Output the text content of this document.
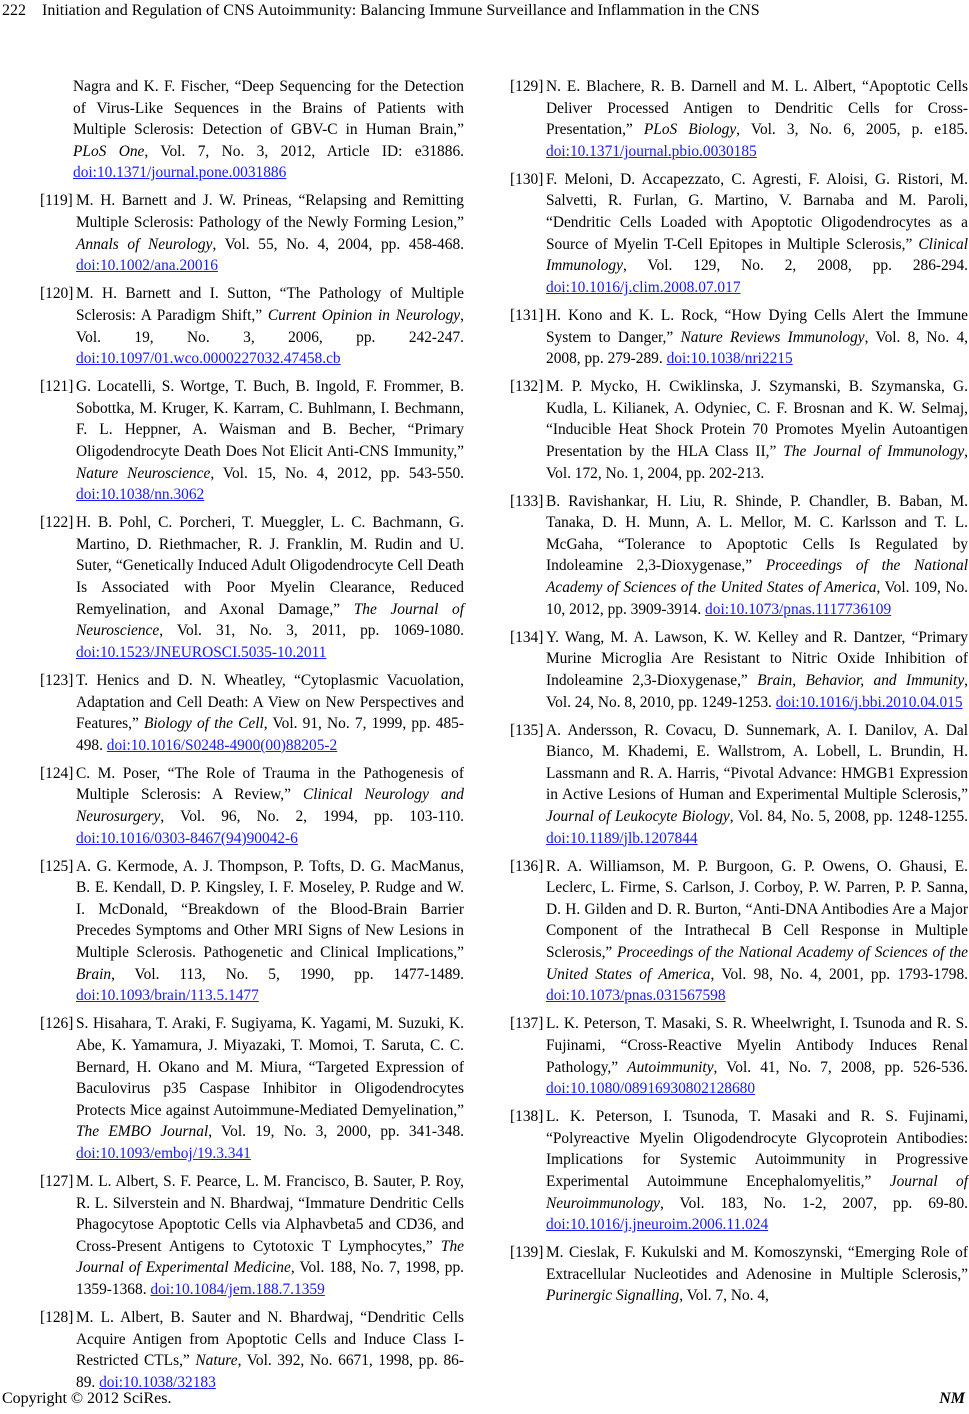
222 Initiation and Regulation of CNS Autoimmunity: Balancing Immune Surveillance and Inflammation in the CNS
Nagra and K. F. Fischer, “Deep Sequencing for the Detection of Virus-Like Sequences in the Brains of Patients with Multiple Sclerosis: Detection of GBV-C in Human Brain,” PLoS One, Vol. 7, No. 3, 2012, Article ID: e31886. doi:10.1371/journal.pone.0031886
[119] M. H. Barnett and J. W. Prineas, “Relapsing and Remitting Multiple Sclerosis: Pathology of the Newly Forming Lesion,” Annals of Neurology, Vol. 55, No. 4, 2004, pp. 458-468. doi:10.1002/ana.20016
[120] M. H. Barnett and I. Sutton, “The Pathology of Multiple Sclerosis: A Paradigm Shift,” Current Opinion in Neurology, Vol. 19, No. 3, 2006, pp. 242-247. doi:10.1097/01.wco.0000227032.47458.cb
[121] G. Locatelli, S. Wortge, T. Buch, B. Ingold, F. Frommer, B. Sobottka, M. Kruger, K. Karram, C. Buhlmann, I. Bechmann, F. L. Heppner, A. Waisman and B. Becher, “Primary Oligodendrocyte Death Does Not Elicit Anti-CNS Immunity,” Nature Neuroscience, Vol. 15, No. 4, 2012, pp. 543-550. doi:10.1038/nn.3062
[122] H. B. Pohl, C. Porcheri, T. Mueggler, L. C. Bachmann, G. Martino, D. Riethmacher, R. J. Franklin, M. Rudin and U. Suter, “Genetically Induced Adult Oligodendrocyte Cell Death Is Associated with Poor Myelin Clearance, Reduced Remyelination, and Axonal Damage,” The Journal of Neuroscience, Vol. 31, No. 3, 2011, pp. 1069-1080. doi:10.1523/JNEUROSCI.5035-10.2011
[123] T. Henics and D. N. Wheatley, “Cytoplasmic Vacuolation, Adaptation and Cell Death: A View on New Perspectives and Features,” Biology of the Cell, Vol. 91, No. 7, 1999, pp. 485-498. doi:10.1016/S0248-4900(00)88205-2
[124] C. M. Poser, “The Role of Trauma in the Pathogenesis of Multiple Sclerosis: A Review,” Clinical Neurology and Neurosurgery, Vol. 96, No. 2, 1994, pp. 103-110. doi:10.1016/0303-8467(94)90042-6
[125] A. G. Kermode, A. J. Thompson, P. Tofts, D. G. MacManus, B. E. Kendall, D. P. Kingsley, I. F. Moseley, P. Rudge and W. I. McDonald, “Breakdown of the Blood-Brain Barrier Precedes Symptoms and Other MRI Signs of New Lesions in Multiple Sclerosis. Pathogenetic and Clinical Implications,” Brain, Vol. 113, No. 5, 1990, pp. 1477-1489. doi:10.1093/brain/113.5.1477
[126] S. Hisahara, T. Araki, F. Sugiyama, K. Yagami, M. Suzuki, K. Abe, K. Yamamura, J. Miyazaki, T. Momoi, T. Saruta, C. C. Bernard, H. Okano and M. Miura, “Targeted Expression of Baculovirus p35 Caspase Inhibitor in Oligodendrocytes Protects Mice against Autoimmune-Mediated Demyelination,” The EMBO Journal, Vol. 19, No. 3, 2000, pp. 341-348. doi:10.1093/emboj/19.3.341
[127] M. L. Albert, S. F. Pearce, L. M. Francisco, B. Sauter, P. Roy, R. L. Silverstein and N. Bhardwaj, “Immature Dendritic Cells Phagocytose Apoptotic Cells via Alphavbeta5 and CD36, and Cross-Present Antigens to Cytotoxic T Lymphocytes,” The Journal of Experimental Medicine, Vol. 188, No. 7, 1998, pp. 1359-1368. doi:10.1084/jem.188.7.1359
[128] M. L. Albert, B. Sauter and N. Bhardwaj, “Dendritic Cells Acquire Antigen from Apoptotic Cells and Induce Class I-Restricted CTLs,” Nature, Vol. 392, No. 6671, 1998, pp. 86-89. doi:10.1038/32183
[129] N. E. Blachere, R. B. Darnell and M. L. Albert, “Apoptotic Cells Deliver Processed Antigen to Dendritic Cells for Cross-Presentation,” PLoS Biology, Vol. 3, No. 6, 2005, p. e185. doi:10.1371/journal.pbio.0030185
[130] F. Meloni, D. Accapezzato, C. Agresti, F. Aloisi, G. Ristori, M. Salvetti, R. Furlan, G. Martino, V. Barnaba and M. Paroli, “Dendritic Cells Loaded with Apoptotic Oligodendrocytes as a Source of Myelin T-Cell Epitopes in Multiple Sclerosis,” Clinical Immunology, Vol. 129, No. 2, 2008, pp. 286-294. doi:10.1016/j.clim.2008.07.017
[131] H. Kono and K. L. Rock, “How Dying Cells Alert the Immune System to Danger,” Nature Reviews Immunology, Vol. 8, No. 4, 2008, pp. 279-289. doi:10.1038/nri2215
[132] M. P. Mycko, H. Cwiklinska, J. Szymanski, B. Szymanska, G. Kudla, L. Kilianek, A. Odyniec, C. F. Brosnan and K. W. Selmaj, “Inducible Heat Shock Protein 70 Promotes Myelin Autoantigen Presentation by the HLA Class II,” The Journal of Immunology, Vol. 172, No. 1, 2004, pp. 202-213.
[133] B. Ravishankar, H. Liu, R. Shinde, P. Chandler, B. Baban, M. Tanaka, D. H. Munn, A. L. Mellor, M. C. Karlsson and T. L. McGaha, “Tolerance to Apoptotic Cells Is Regulated by Indoleamine 2,3-Dioxygenase,” Proceedings of the National Academy of Sciences of the United States of America, Vol. 109, No. 10, 2012, pp. 3909-3914. doi:10.1073/pnas.1117736109
[134] Y. Wang, M. A. Lawson, K. W. Kelley and R. Dantzer, “Primary Murine Microglia Are Resistant to Nitric Oxide Inhibition of Indoleamine 2,3-Dioxygenase,” Brain, Behavior, and Immunity, Vol. 24, No. 8, 2010, pp. 1249-1253. doi:10.1016/j.bbi.2010.04.015
[135] A. Andersson, R. Covacu, D. Sunnemark, A. I. Danilov, A. Dal Bianco, M. Khademi, E. Wallstrom, A. Lobell, L. Brundin, H. Lassmann and R. A. Harris, “Pivotal Advance: HMGB1 Expression in Active Lesions of Human and Experimental Multiple Sclerosis,” Journal of Leukocyte Biology, Vol. 84, No. 5, 2008, pp. 1248-1255. doi:10.1189/jlb.1207844
[136] R. A. Williamson, M. P. Burgoon, G. P. Owens, O. Ghausi, E. Leclerc, L. Firme, S. Carlson, J. Corboy, P. W. Parren, P. P. Sanna, D. H. Gilden and D. R. Burton, “Anti-DNA Antibodies Are a Major Component of the Intrathecal B Cell Response in Multiple Sclerosis,” Proceedings of the National Academy of Sciences of the United States of America, Vol. 98, No. 4, 2001, pp. 1793-1798. doi:10.1073/pnas.031567598
[137] L. K. Peterson, T. Masaki, S. R. Wheelwright, I. Tsunoda and R. S. Fujinami, “Cross-Reactive Myelin Antibody Induces Renal Pathology,” Autoimmunity, Vol. 41, No. 7, 2008, pp. 526-536. doi:10.1080/08916930802128680
[138] L. K. Peterson, I. Tsunoda, T. Masaki and R. S. Fujinami, “Polyreactive Myelin Oligodendrocyte Glycoprotein Antibodies: Implications for Systemic Autoimmunity in Progressive Experimental Autoimmune Encephalomyelitis,” Journal of Neuroimmunology, Vol. 183, No. 1-2, 2007, pp. 69-80. doi:10.1016/j.jneuroim.2006.11.024
[139] M. Cieslak, F. Kukulski and M. Komoszynski, “Emerging Role of Extracellular Nucleotides and Adenosine in Multiple Sclerosis,” Purinergic Signalling, Vol. 7, No. 4,
Copyright © 2012 SciRes.	NM
